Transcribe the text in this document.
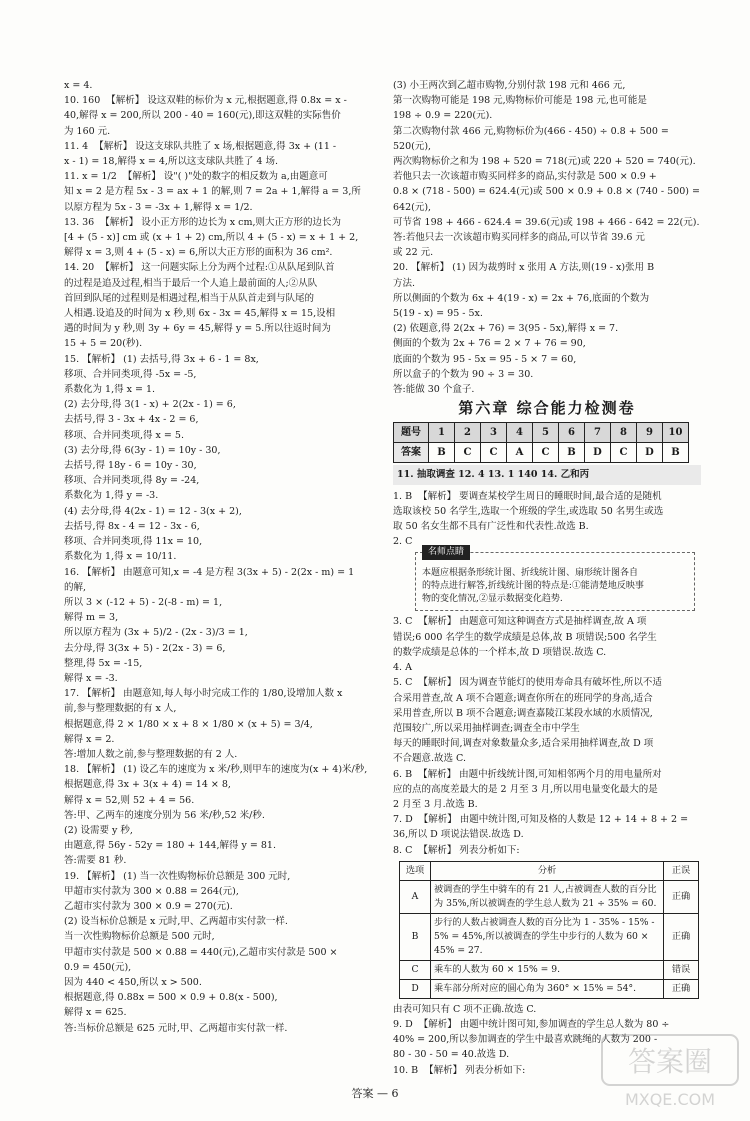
x = 4.

10. 160  【解析】 设这双鞋的标价为 x 元,根据题意,得 0.8x = x -

40,解得 x = 200,所以 200 - 40 = 160(元),即这双鞋的实际售价

为 160 元.

11. 4  【解析】 设这支球队共胜了 x 场,根据题意,得 3x + (11 -

x - 1) = 18,解得 x = 4,所以这支球队共胜了 4 场.

11. x = 1/2  【解析】 设"( )"处的数字的相反数为 a,由题意可

知 x = 2 是方程 5x - 3 = ax + 1 的解,则 7 = 2a + 1,解得 a = 3,所

以原方程为 5x - 3 = -3x + 1,解得 x = 1/2.

13. 36  【解析】 设小正方形的边长为 x cm,则大正方形的边长为

[4 + (5 - x)] cm 或 (x + 1 + 2) cm,所以 4 + (5 - x) = x + 1 + 2,

解得 x = 3,则 4 + (5 - x) = 6,所以大正方形的面积为 36 cm².

14. 20  【解析】 这一问题实际上分为两个过程:①从队尾到队首

的过程是追及过程,相当于最后一个人追上最前面的人;②从队

首回到队尾的过程则是相遇过程,相当于从队首走到与队尾的

人相遇.设追及的时间为 x 秒,则 6x - 3x = 45,解得 x = 15,设相

遇的时间为 y 秒,则 3y + 6y = 45,解得 y = 5.所以往返时间为

15 + 5 = 20(秒).

15. 【解析】 (1) 去括号,得 3x + 6 - 1 = 8x,

移项、合并同类项,得 -5x = -5,

系数化为 1,得 x = 1.

(2) 去分母,得 3(1 - x) + 2(2x - 1) = 6,

去括号,得 3 - 3x + 4x - 2 = 6,

移项、合并同类项,得 x = 5.

(3) 去分母,得 6(3y - 1) = 10y - 30,

去括号,得 18y - 6 = 10y - 30,

移项、合并同类项,得 8y = -24,

系数化为 1,得 y = -3.

(4) 去分母,得 4(2x - 1) = 12 - 3(x + 2),

去括号,得 8x - 4 = 12 - 3x - 6,

移项、合并同类项,得 11x = 10,

系数化为 1,得 x = 10/11.

16. 【解析】 由题意可知,x = -4 是方程 3(3x + 5) - 2(2x - m) = 1

的解,

所以 3 × (-12 + 5) - 2(-8 - m) = 1,

解得 m = 3,

所以原方程为 (3x + 5)/2 - (2x - 3)/3 = 1,

去分母,得 3(3x + 5) - 2(2x - 3) = 6,

整理,得 5x = -15,

解得 x = -3.

17. 【解析】 由题意知,每人每小时完成工作的 1/80,设增加人数 x

前,参与整理数据的有 x 人,

根据题意,得 2 × 1/80 × x + 8 × 1/80 × (x + 5) = 3/4,

解得 x = 2.

答:增加人数之前,参与整理数据的有 2 人.

18. 【解析】 (1) 设乙车的速度为 x 米/秒,则甲车的速度为(x + 4)米/秒,

根据题意,得 3x + 3(x + 4) = 14 × 8,

解得 x = 52,则 52 + 4 = 56.

答:甲、乙两车的速度分别为 56 米/秒,52 米/秒.

(2) 设需要 y 秒,

由题意,得 56y - 52y = 180 + 144,解得 y = 81.

答:需要 81 秒.

19. 【解析】 (1) 当一次性购物标价总额是 300 元时,

甲超市实付款为 300 × 0.88 = 264(元),

乙超市实付款为 300 × 0.9 = 270(元).

(2) 设当标价总额是 x 元时,甲、乙两超市实付款一样.

当一次性购物标价总额是 500 元时,

甲超市实付款是 500 × 0.88 = 440(元),乙超市实付款是 500 ×

0.9 = 450(元),

因为 440 < 450,所以 x > 500.

根据题意,得 0.88x = 500 × 0.9 + 0.8(x - 500),

解得 x = 625.

答:当标价总额是 625 元时,甲、乙两超市实付款一样.

(3) 小王两次到乙超市购物,分别付款 198 元和 466 元,

第一次购物可能是 198 元,购物标价可能是 198 元,也可能是

198 ÷ 0.9 = 220(元).

第二次购物付款 466 元,购物标价为(466 - 450) ÷ 0.8 + 500 =

520(元),

两次购物标价之和为 198 + 520 = 718(元)或 220 + 520 = 740(元).

若他只去一次该超市购买同样多的商品,实付款是 500 × 0.9 +

0.8 × (718 - 500) = 624.4(元)或 500 × 0.9 + 0.8 × (740 - 500) =

642(元),

可节省 198 + 466 - 624.4 = 39.6(元)或 198 + 466 - 642 = 22(元).

答:若他只去一次该超市购买同样多的商品,可以节省 39.6 元

或 22 元.

20. 【解析】 (1) 因为裁剪时 x 张用 A 方法,则(19 - x)张用 B

方法.

所以侧面的个数为 6x + 4(19 - x) = 2x + 76,底面的个数为

5(19 - x) = 95 - 5x.

(2) 依题意,得 2(2x + 76) = 3(95 - 5x),解得 x = 7.

侧面的个数为 2x + 76 = 2 × 7 + 76 = 90,

底面的个数为 95 - 5x = 95 - 5 × 7 = 60,

所以盒子的个数为 90 ÷ 3 = 30.

答:能做 30 个盒子.

第六章 综合能力检测卷
题号	1	2	3	4	5	6	7	8	9	10
答案	B	C	C	A	C	B	D	C	D	B
11. 抽取调查 12. 4 13. 1 140 14. 乙和丙

1. B  【解析】 要调查某校学生周日的睡眠时间,最合适的是随机

选取该校 50 名学生,选取一个班级的学生,或选取 50 名男生或选

取 50 名女生都不具有广泛性和代表性.故选 B.

2. C

名师点睛

本题应根据条形统计图、折线统计图、扇形统计图各自

的特点进行解答,折线统计图的特点是:①能清楚地反映事

物的变化情况,②显示数据变化趋势.

3. C  【解析】 由题意可知这种调查方式是抽样调查,故 A 项

错误;6 000 名学生的数学成绩是总体,故 B 项错误;500 名学生

的数学成绩是总体的一个样本,故 D 项错误.故选 C.

4. A

5. C  【解析】 因为调查节能灯的使用寿命具有破坏性,所以不适

合采用普查,故 A 项不合题意;调查你所在的班同学的身高,适合

采用普查,所以 B 项不合题意;调查嘉陵江某段水域的水质情况,

范围较广,所以采用抽样调查;调查全市中学生

每天的睡眠时间,调查对象数量众多,适合采用抽样调查,故 D 项

不合题意.故选 C.

6. B  【解析】 由题中折线统计图,可知相邻两个月的用电量所对

应的点的高度差最大的是 2 月至 3 月,所以用电量变化最大的是

2 月至 3 月.故选 B.

7. D  【解析】 由题中统计图,可知及格的人数是 12 + 14 + 8 + 2 =

36,所以 D 项说法错误.故选 D.

8. C  【解析】 列表分析如下:

选项	分析	正误
A	被调查的学生中骑车的有 21 人,占被调查人数的百分比为 35%,所以被调查的学生总人数为 21 ÷ 35% = 60.	正确
B	步行的人数占被调查人数的百分比为 1 - 35% - 15% - 5% = 45%,所以被调查的学生中步行的人数为 60 × 45% = 27.	正确
C	乘车的人数为 60 × 15% = 9.	错误
D	乘车部分所对应的圆心角为 360° × 15% = 54°.	正确

由表可知只有 C 项不正确.故选 C.

9. D  【解析】 由题中统计图可知,参加调查的学生总人数为 80 ÷

40% = 200,所以参加调查的学生中最喜欢跳绳的人数为 200 -

80 - 30 - 50 = 40.故选 D.

10. B  【解析】 列表分析如下:

答案 — 6
答案圈
MXQE.COM
